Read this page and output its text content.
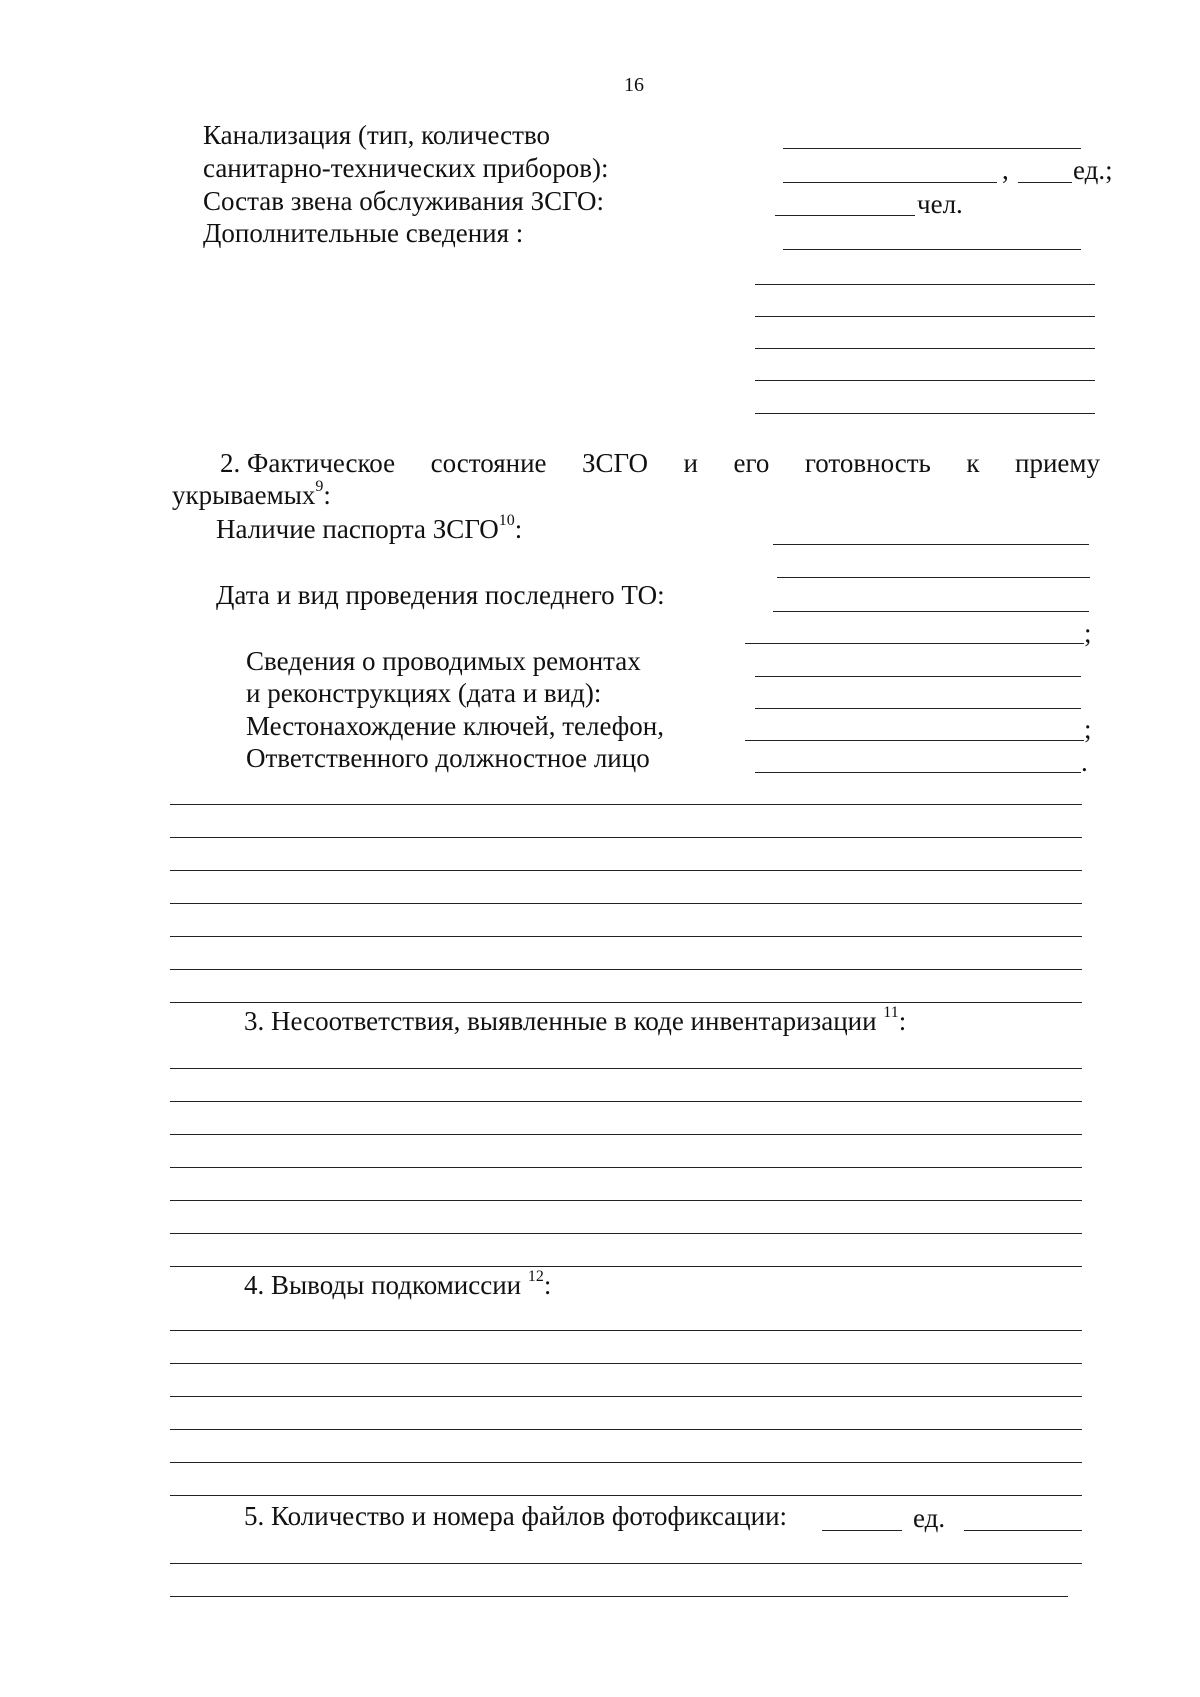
16
Канализация (тип, количество
санитарно-технических приборов):	, ед.;
Состав звена обслуживания ЗСГО:	чел.
Дополнительные сведения :
2. Фактическое состояние ЗСГО и его готовность к приему
укрываемых$^9$:
Наличие паспорта ЗСГО$^{10}$:
Дата и вид проведения последнего ТО:
;
Сведения о проводимых ремонтах
и реконструкциях (дата и вид):
Местонахождение ключей, телефон,	;
Ответственного должностное лицо	.
3. Несоответствия, выявленные в коде инвентаризации $^{11}$:
4. Выводы подкомиссии $^{12}$:
5. Количество и номера файлов фотофиксации:	ед.
